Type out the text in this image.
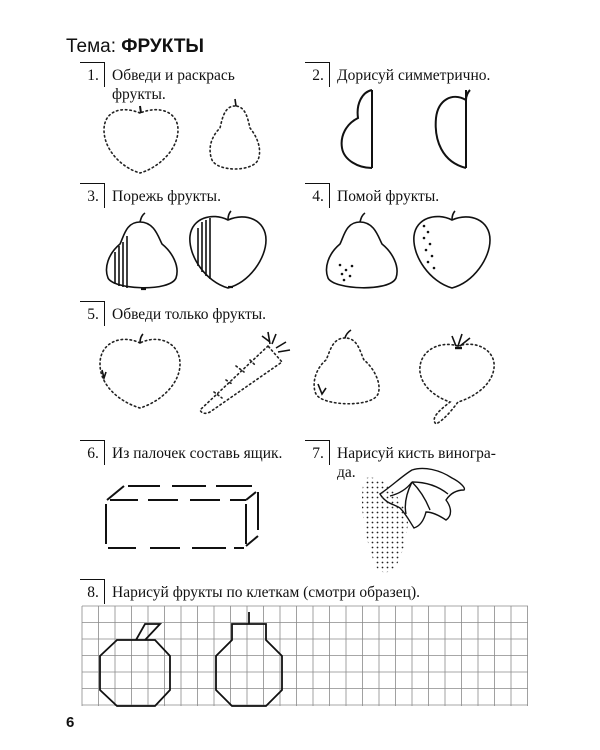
Тема: ФРУКТЫ
1. Обведи и раскрась
фрукты.
2. Дорисуй симметрично.
3. Порежь фрукты.	4. Помой фрукты.
5. Обведи только фрукты.
6. Из палочек составь ящик.	7. Нарисуй кисть виногра-
да.
8. Нарисуй фрукты по клеткам (смотри образец).
6
